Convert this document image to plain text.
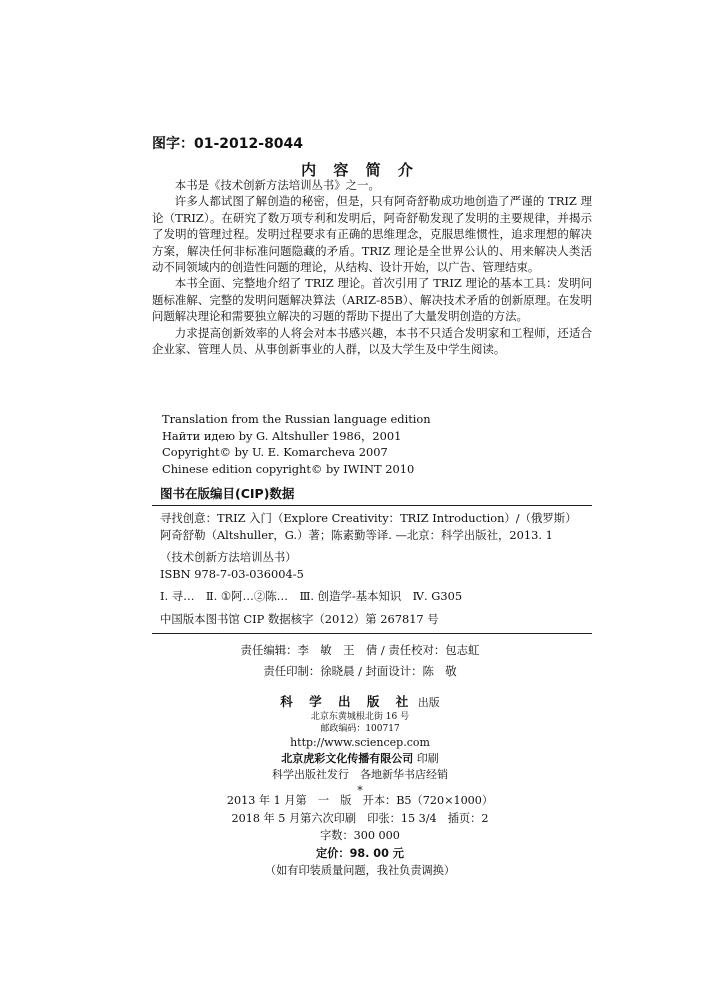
图字：01-2012-8044
内 容 简 介

本书是《技术创新方法培训丛书》之一。

许多人都试图了解创造的秘密，但是，只有阿奇舒勒成功地创造了严谨的 TRIZ 理论（TRIZ）。在研究了数万项专利和发明后，阿奇舒勒发现了发明的主要规律，并揭示了发明的管理过程。发明过程要求有正确的思维理念，克服思维惯性，追求理想的解决方案，解决任何非标准问题隐藏的矛盾。TRIZ 理论是全世界公认的、用来解决人类活动不同领域内的创造性问题的理论，从结构、设计开始，以广告、管理结束。

本书全面、完整地介绍了 TRIZ 理论。首次引用了 TRIZ 理论的基本工具：发明问题标准解、完整的发明问题解决算法（ARIZ-85B）、解决技术矛盾的创新原理。在发明问题解决理论和需要独立解决的习题的帮助下提出了大量发明创造的方法。

力求提高创新效率的人将会对本书感兴趣，本书不只适合发明家和工程师，还适合企业家、管理人员、从事创新事业的人群，以及大学生及中学生阅读。

Translation from the Russian language edition
Найти идею by G. Altshuller 1986，2001
Copyright© by U. E. Komarcheva 2007
Chinese edition copyright© by IWINT 2010
图书在版编目(CIP)数据
寻找创意：TRIZ 入门（Explore Creativity：TRIZ Introduction）/（俄罗斯）
阿奇舒勒（Altshuller，G.）著；陈素勤等译. —北京：科学出版社，2013. 1
（技术创新方法培训丛书）
ISBN 978-7-03-036004-5
Ⅰ. 寻…　Ⅱ. ①阿…②陈…　Ⅲ. 创造学-基本知识　Ⅳ. G305
中国版本图书馆 CIP 数据核字（2012）第 267817 号
责任编辑：李　敏　王　倩 / 责任校对：包志虹
责任印制：徐晓晨 / 封面设计：陈　敬
科 学 出 版 社 出版
北京东黄城根北街 16 号
邮政编码：100717
http://www.sciencep.com
北京虎彩文化传播有限公司 印刷
科学出版社发行　各地新华书店经销
*
2013 年 1 月第　一　版　开本：B5（720×1000）
2018 年 5 月第六次印刷　印张：15 3/4　插页：2
字数：300 000
定价：98. 00 元
（如有印装质量问题，我社负责调换）
